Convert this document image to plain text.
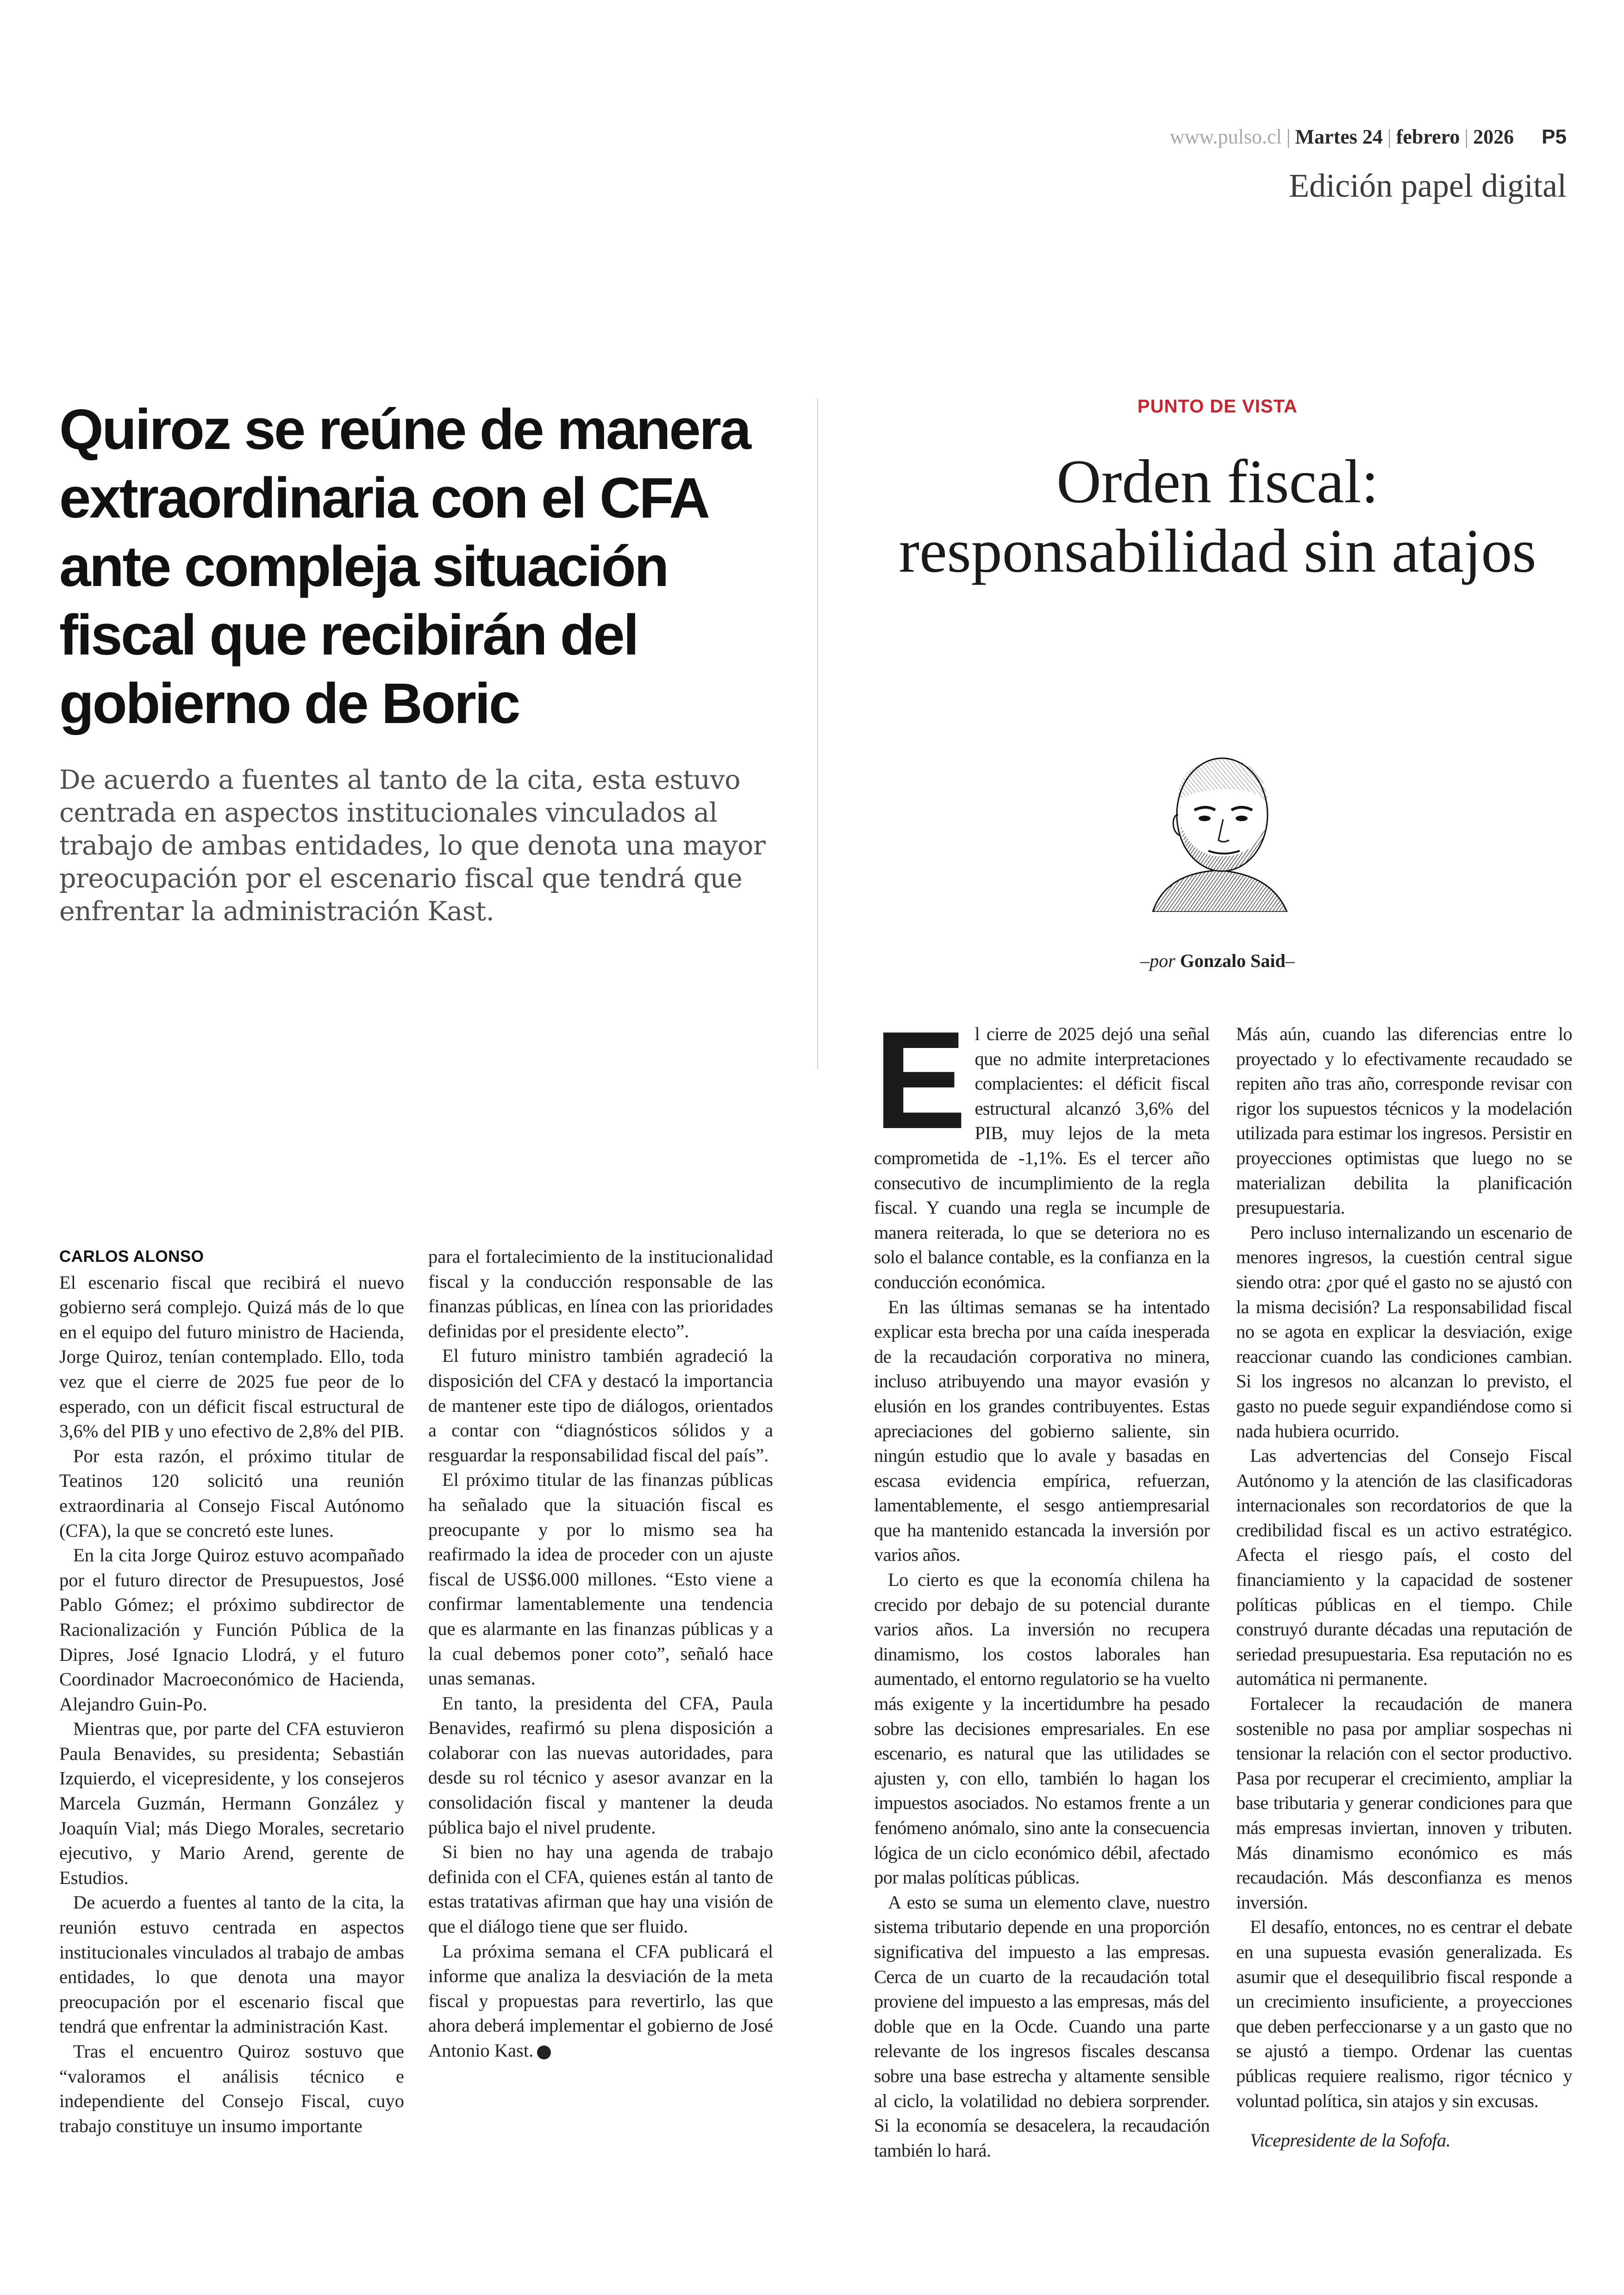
www.pulso.cl | Martes 24 | febrero | 2026 P5
Edición papel digital
Quiroz se reúne de manera extraordinaria con el CFA ante compleja situación fiscal que recibirán del gobierno de Boric

De acuerdo a fuentes al tanto de la cita, esta estuvo centrada en aspectos institucionales vinculados al trabajo de ambas entidades, lo que denota una mayor preocupación por el escenario fiscal que tendrá que enfrentar la administración Kast.

CARLOS ALONSO
El escenario fiscal que recibirá el nuevo gobierno será complejo. Quizá más de lo que en el equipo del futuro ministro de Hacienda, Jorge Quiroz, tenían contemplado. Ello, toda vez que el cierre de 2025 fue peor de lo esperado, con un déficit fiscal estructural de 3,6% del PIB y uno efectivo de 2,8% del PIB.

Por esta razón, el próximo titular de Teatinos 120 solicitó una reunión extraordinaria al Consejo Fiscal Autónomo (CFA), la que se concretó este lunes.

En la cita Jorge Quiroz estuvo acompañado por el futuro director de Presupuestos, José Pablo Gómez; el próximo subdirector de Racionalización y Función Pública de la Dipres, José Ignacio Llodrá, y el futuro Coordinador Macroeconómico de Hacienda, Alejandro Guin-Po.

Mientras que, por parte del CFA estuvieron Paula Benavides, su presidenta; Sebastián Izquierdo, el vicepresidente, y los consejeros Marcela Guzmán, Hermann González y Joaquín Vial; más Diego Morales, secretario ejecutivo, y Mario Arend, gerente de Estudios.

De acuerdo a fuentes al tanto de la cita, la reunión estuvo centrada en aspectos institucionales vinculados al trabajo de ambas entidades, lo que denota una mayor preocupación por el escenario fiscal que tendrá que enfrentar la administración Kast.

Tras el encuentro Quiroz sostuvo que “valoramos el análisis técnico e independiente del Consejo Fiscal, cuyo trabajo constituye un insumo importante

para el fortalecimiento de la institucionalidad fiscal y la conducción responsable de las finanzas públicas, en línea con las prioridades definidas por el presidente electo”.

El futuro ministro también agradeció la disposición del CFA y destacó la importancia de mantener este tipo de diálogos, orientados a contar con “diagnósticos sólidos y a resguardar la responsabilidad fiscal del país”.

El próximo titular de las finanzas públicas ha señalado que la situación fiscal es preocupante y por lo mismo sea ha reafirmado la idea de proceder con un ajuste fiscal de US$6.000 millones. “Esto viene a confirmar lamentablemente una tendencia que es alarmante en las finanzas públicas y a la cual debemos poner coto”, señaló hace unas semanas.

En tanto, la presidenta del CFA, Paula Benavides, reafirmó su plena disposición a colaborar con las nuevas autoridades, para desde su rol técnico y asesor avanzar en la consolidación fiscal y mantener la deuda pública bajo el nivel prudente.

Si bien no hay una agenda de trabajo definida con el CFA, quienes están al tanto de estas tratativas afirman que hay una visión de que el diálogo tiene que ser fluido.

La próxima semana el CFA publicará el informe que analiza la desviación de la meta fiscal y propuestas para revertirlo, las que ahora deberá implementar el gobierno de José Antonio Kast. P

PUNTO DE VISTA
Orden fiscal: responsabilidad sin atajos
–por Gonzalo Said–

El cierre de 2025 dejó una señal que no admite interpretaciones complacientes: el déficit fiscal estructural alcanzó 3,6% del PIB, muy lejos de la meta comprometida de -1,1%. Es el tercer año consecutivo de incumplimiento de la regla fiscal. Y cuando una regla se incumple de manera reiterada, lo que se deteriora no es solo el balance contable, es la confianza en la conducción económica.

En las últimas semanas se ha intentado explicar esta brecha por una caída inesperada de la recaudación corporativa no minera, incluso atribuyendo una mayor evasión y elusión en los grandes contribuyentes. Estas apreciaciones del gobierno saliente, sin ningún estudio que lo avale y basadas en escasa evidencia empírica, refuerzan, lamentablemente, el sesgo antiempresarial que ha mantenido estancada la inversión por varios años.

Lo cierto es que la economía chilena ha crecido por debajo de su potencial durante varios años. La inversión no recupera dinamismo, los costos laborales han aumentado, el entorno regulatorio se ha vuelto más exigente y la incertidumbre ha pesado sobre las decisiones empresariales. En ese escenario, es natural que las utilidades se ajusten y, con ello, también lo hagan los impuestos asociados. No estamos frente a un fenómeno anómalo, sino ante la consecuencia lógica de un ciclo económico débil, afectado por malas políticas públicas.

A esto se suma un elemento clave, nuestro sistema tributario depende en una proporción significativa del impuesto a las empresas. Cerca de un cuarto de la recaudación total proviene del impuesto a las empresas, más del doble que en la Ocde. Cuando una parte relevante de los ingresos fiscales descansa sobre una base estrecha y altamente sensible al ciclo, la volatilidad no debiera sorprender. Si la economía se desacelera, la recaudación también lo hará.

Más aún, cuando las diferencias entre lo proyectado y lo efectivamente recaudado se repiten año tras año, corresponde revisar con rigor los supuestos técnicos y la modelación utilizada para estimar los ingresos. Persistir en proyecciones optimistas que luego no se materializan debilita la planificación presupuestaria.

Pero incluso internalizando un escenario de menores ingresos, la cuestión central sigue siendo otra: ¿por qué el gasto no se ajustó con la misma decisión? La responsabilidad fiscal no se agota en explicar la desviación, exige reaccionar cuando las condiciones cambian. Si los ingresos no alcanzan lo previsto, el gasto no puede seguir expandiéndose como si nada hubiera ocurrido.

Las advertencias del Consejo Fiscal Autónomo y la atención de las clasificadoras internacionales son recordatorios de que la credibilidad fiscal es un activo estratégico. Afecta el riesgo país, el costo del financiamiento y la capacidad de sostener políticas públicas en el tiempo. Chile construyó durante décadas una reputación de seriedad presupuestaria. Esa reputación no es automática ni permanente.

Fortalecer la recaudación de manera sostenible no pasa por ampliar sospechas ni tensionar la relación con el sector productivo. Pasa por recuperar el crecimiento, ampliar la base tributaria y generar condiciones para que más empresas inviertan, innoven y tributen. Más dinamismo económico es más recaudación. Más desconfianza es menos inversión.

El desafío, entonces, no es centrar el debate en una supuesta evasión generalizada. Es asumir que el desequilibrio fiscal responde a un crecimiento insuficiente, a proyecciones que deben perfeccionarse y a un gasto que no se ajustó a tiempo. Ordenar las cuentas públicas requiere realismo, rigor técnico y voluntad política, sin atajos y sin excusas.

Vicepresidente de la Sofofa.
